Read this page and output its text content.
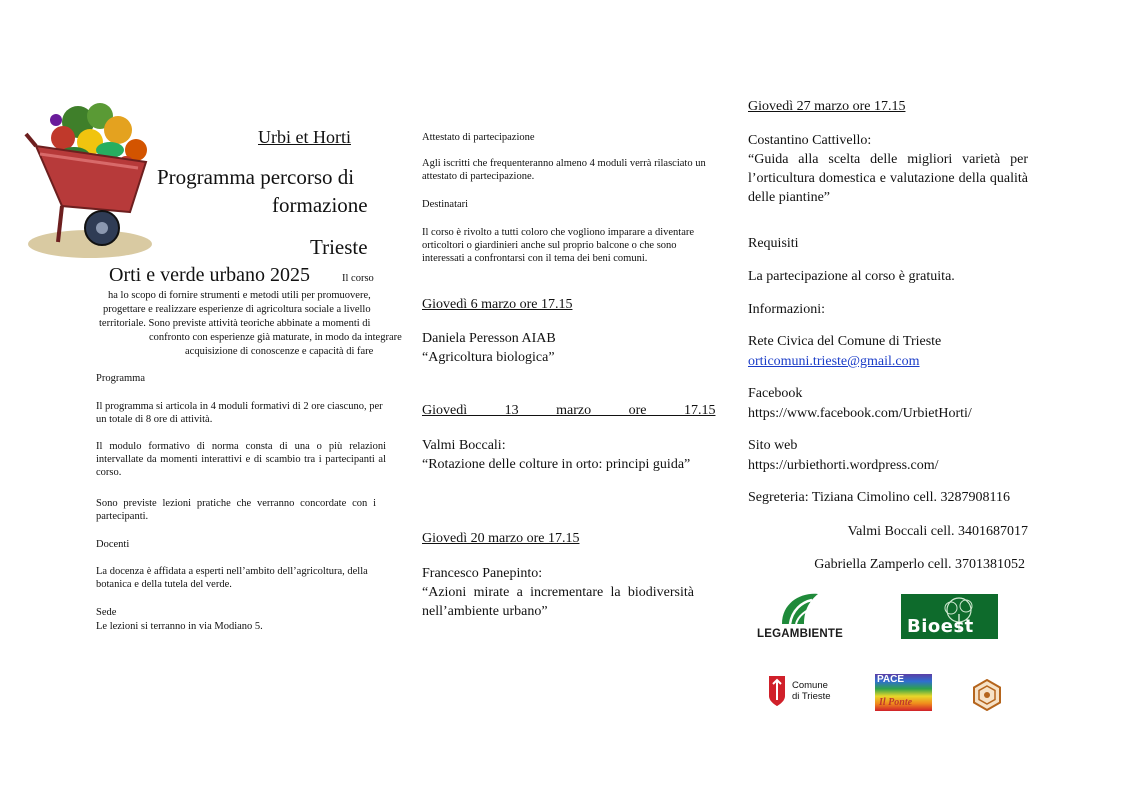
Urbi et Horti
Programma percorso di
formazione
Trieste
Orti e verde urbano 2025	Il corso
ha lo scopo di fornire strumenti e metodi utili per promuovere,
progettare e realizzare esperienze di agricoltura sociale a livello
territoriale. Sono previste attività teoriche abbinate a momenti di
confronto con esperienze già maturate, in modo da integrare
acquisizione di conoscenze e capacità di fare
Programma
Il programma si articola in 4 moduli formativi di 2 ore ciascuno, per un totale di 8 ore di attività.
Il modulo formativo di norma consta di una o più relazioni intervallate da momenti interattivi e di scambio tra i partecipanti al corso.
Sono previste lezioni pratiche che verranno concordate con i partecipanti.
Docenti
La docenza è affidata a esperti nell’ambito dell’agricoltura, della botanica e della tutela del verde.
Sede
Le lezioni si terranno in via Modiano 5.
Attestato di partecipazione
Agli iscritti che frequenteranno almeno 4 moduli verrà rilasciato un attestato di partecipazione.
Destinatari
Il corso è rivolto a tutti coloro che vogliono imparare a diventare orticoltori o giardinieri anche sul proprio balcone o che sono interessati a confrontarsi con il tema dei beni comuni.
Giovedì 6 marzo ore 17.15
Daniela Peresson AIAB
“Agricoltura biologica”
Giovedì 13 marzo ore 17.15
Valmi Boccali:
“Rotazione delle colture in orto: principi guida”
Giovedì 20 marzo ore 17.15
Francesco Panepinto:
“Azioni mirate a incrementare la biodiversità nell’ambiente urbano”
Giovedì 27 marzo ore 17.15
Costantino Cattivello:
“Guida alla scelta delle migliori varietà per l’orticultura domestica e valutazione della qualità delle piantine”
Requisiti
La partecipazione al corso è gratuita.
Informazioni:
Rete Civica del Comune di Trieste
orticomuni.trieste@gmail.com
Facebook
https://www.facebook.com/UrbietHorti/
Sito web
https://urbiethorti.wordpress.com/
Segreteria: Tiziana Cimolino cell. 3287908116
Valmi Boccali cell. 3401687017
Gabriella Zamperlo cell. 3701381052
LEGAMBIENTE	Bioest
Comune
di Trieste
PACE
Il Ponte
